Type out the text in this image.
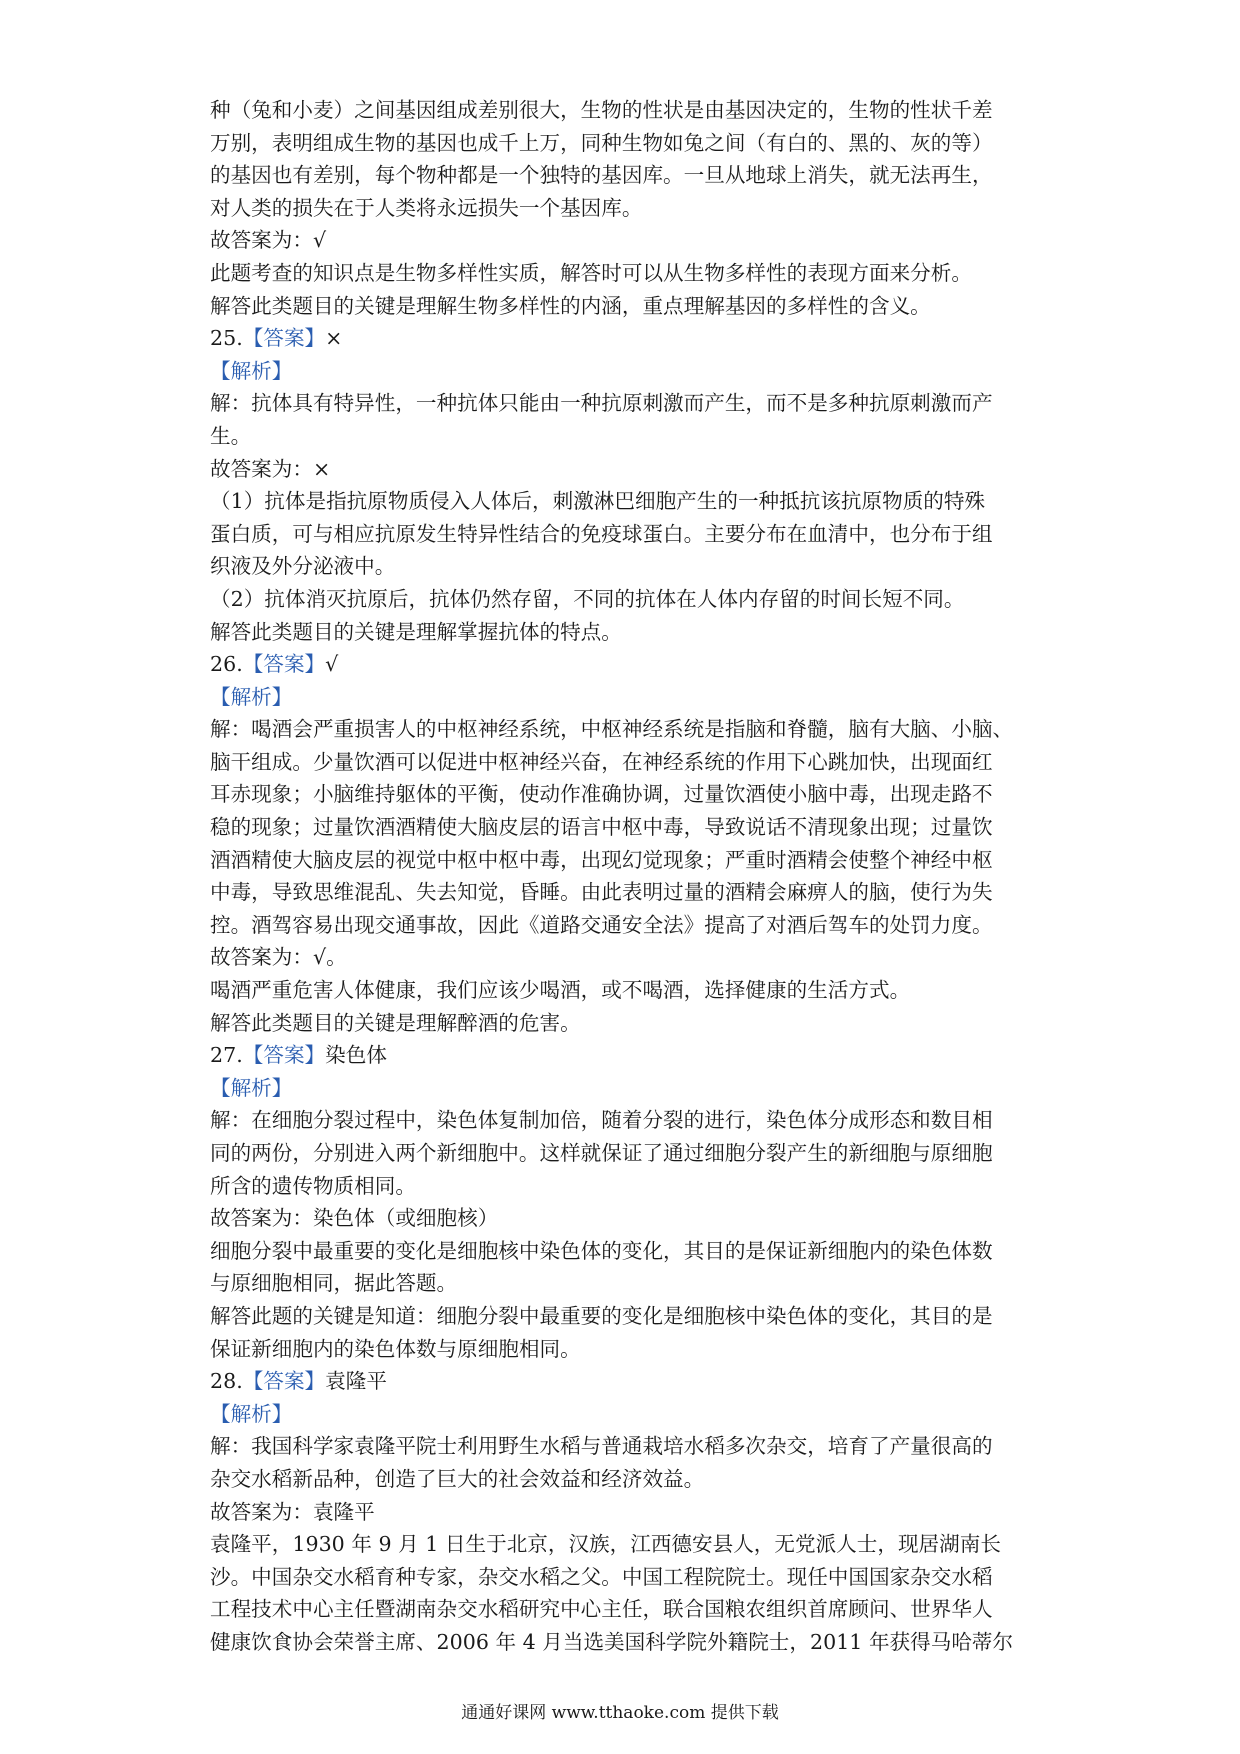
种（兔和小麦）之间基因组成差别很大，生物的性状是由基因决定的，生物的性状千差
万别，表明组成生物的基因也成千上万，同种生物如兔之间（有白的、黑的、灰的等）
的基因也有差别，每个物种都是一个独特的基因库。一旦从地球上消失，就无法再生，
对人类的损失在于人类将永远损失一个基因库。
故答案为：√
此题考查的知识点是生物多样性实质，解答时可以从生物多样性的表现方面来分析。
解答此类题目的关键是理解生物多样性的内涵，重点理解基因的多样性的含义。
25.【答案】×
【解析】
解：抗体具有特异性，一种抗体只能由一种抗原刺激而产生，而不是多种抗原刺激而产
生。
故答案为：×
（1）抗体是指抗原物质侵入人体后，刺激淋巴细胞产生的一种抵抗该抗原物质的特殊
蛋白质，可与相应抗原发生特异性结合的免疫球蛋白。主要分布在血清中，也分布于组
织液及外分泌液中。
（2）抗体消灭抗原后，抗体仍然存留，不同的抗体在人体内存留的时间长短不同。
解答此类题目的关键是理解掌握抗体的特点。
26.【答案】√
【解析】
解：喝酒会严重损害人的中枢神经系统，中枢神经系统是指脑和脊髓，脑有大脑、小脑、
脑干组成。少量饮酒可以促进中枢神经兴奋，在神经系统的作用下心跳加快，出现面红
耳赤现象；小脑维持躯体的平衡，使动作准确协调，过量饮酒使小脑中毒，出现走路不
稳的现象；过量饮酒酒精使大脑皮层的语言中枢中毒，导致说话不清现象出现；过量饮
酒酒精使大脑皮层的视觉中枢中枢中毒，出现幻觉现象；严重时酒精会使整个神经中枢
中毒，导致思维混乱、失去知觉，昏睡。由此表明过量的酒精会麻痹人的脑，使行为失
控。酒驾容易出现交通事故，因此《道路交通安全法》提高了对酒后驾车的处罚力度。
故答案为：√。
喝酒严重危害人体健康，我们应该少喝酒，或不喝酒，选择健康的生活方式。
解答此类题目的关键是理解醉酒的危害。
27.【答案】染色体
【解析】
解：在细胞分裂过程中，染色体复制加倍，随着分裂的进行，染色体分成形态和数目相
同的两份，分别进入两个新细胞中。这样就保证了通过细胞分裂产生的新细胞与原细胞
所含的遗传物质相同。
故答案为：染色体（或细胞核）
细胞分裂中最重要的变化是细胞核中染色体的变化，其目的是保证新细胞内的染色体数
与原细胞相同，据此答题。
解答此题的关键是知道：细胞分裂中最重要的变化是细胞核中染色体的变化，其目的是
保证新细胞内的染色体数与原细胞相同。
28.【答案】袁隆平
【解析】
解：我国科学家袁隆平院士利用野生水稻与普通栽培水稻多次杂交，培育了产量很高的
杂交水稻新品种，创造了巨大的社会效益和经济效益。
故答案为：袁隆平
袁隆平，1930 年 9 月 1 日生于北京，汉族，江西德安县人，无党派人士，现居湖南长
沙。中国杂交水稻育种专家，杂交水稻之父。中国工程院院士。现任中国国家杂交水稻
工程技术中心主任暨湖南杂交水稻研究中心主任，联合国粮农组织首席顾问、世界华人
健康饮食协会荣誉主席、2006 年 4 月当选美国科学院外籍院士，2011 年获得马哈蒂尔
通通好课网 www.tthaoke.com 提供下载
